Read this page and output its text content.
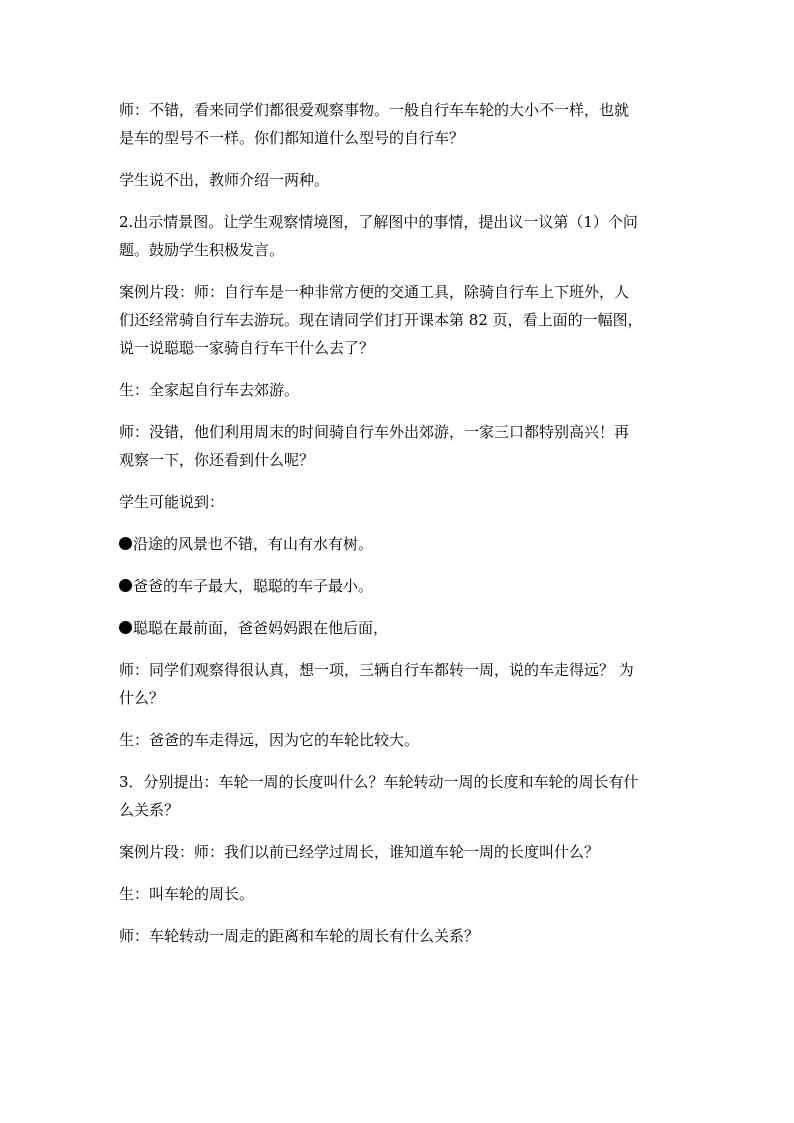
师：不错，看来同学们都很爱观察事物。一般自行车车轮的大小不一样，也就
是车的型号不一样。你们都知道什么型号的自行车？
学生说不出，教师介绍一两种。
2.出示情景图。让学生观察情境图，了解图中的事情，提出议一议第（1）个问
题。鼓励学生积极发言。
案例片段：师：自行车是一种非常方便的交通工具，除骑自行车上下班外，人
们还经常骑自行车去游玩。现在请同学们打开课本第 82 页，看上面的一幅图，
说一说聪聪一家骑自行车干什么去了？
生：全家起自行车去郊游。
师：没错，他们利用周末的时间骑自行车外出郊游，一家三口都特别高兴！再
观察一下，你还看到什么呢？
学生可能说到：
沿途的风景也不错，有山有水有树。
爸爸的车子最大，聪聪的车子最小。
聪聪在最前面，爸爸妈妈跟在他后面，
师：同学们观察得很认真，想一项，三辆自行车都转一周，说的车走得远？ 为
什么？
生：爸爸的车走得远，因为它的车轮比较大。
3．分别提出：车轮一周的长度叫什么？车轮转动一周的长度和车轮的周长有什
么关系？
案例片段：师：我们以前已经学过周长，谁知道车轮一周的长度叫什么？
生：叫车轮的周长。
师：车轮转动一周走的距离和车轮的周长有什么关系？
